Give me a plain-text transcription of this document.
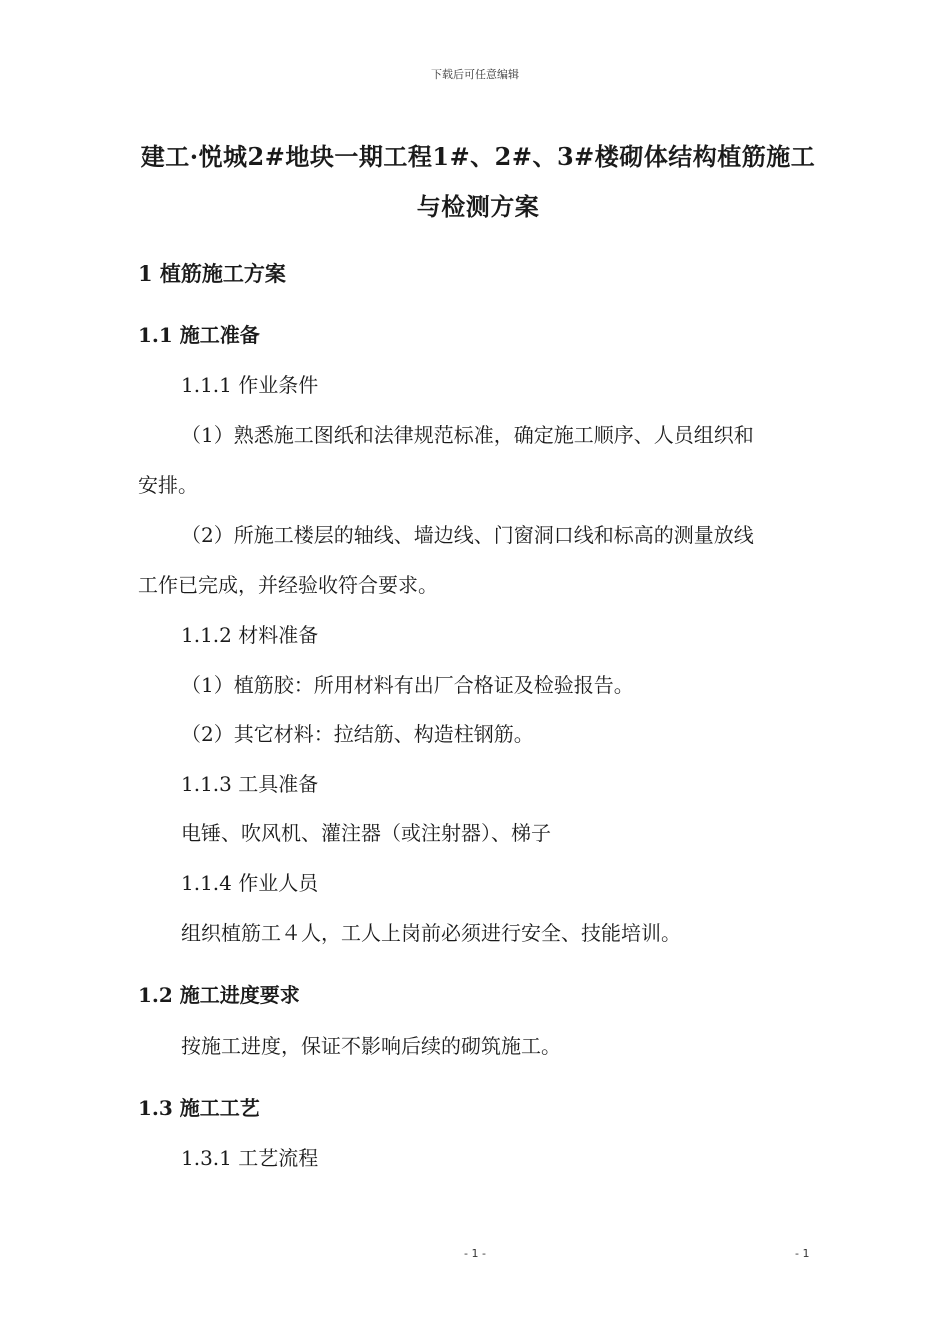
下载后可任意编辑
建工·悦城2#地块一期工程1#、2#、3#楼砌体结构植筋施工
与检测方案
1 植筋施工方案
1.1 施工准备
1.1.1 作业条件
（1）熟悉施工图纸和法律规范标准，确定施工顺序、人员组织和
安排。
（2）所施工楼层的轴线、墙边线、门窗洞口线和标高的测量放线
工作已完成，并经验收符合要求。
1.1.2 材料准备
（1）植筋胶：所用材料有出厂合格证及检验报告。
（2）其它材料：拉结筋、构造柱钢筋。
1.1.3 工具准备
电锤、吹风机、灌注器（或注射器）、梯子
1.1.4 作业人员
组织植筋工４人，工人上岗前必须进行安全、技能培训。
1.2 施工进度要求
按施工进度，保证不影响后续的砌筑施工。
1.3 施工工艺
1.3.1 工艺流程
- 1 -	- 1
